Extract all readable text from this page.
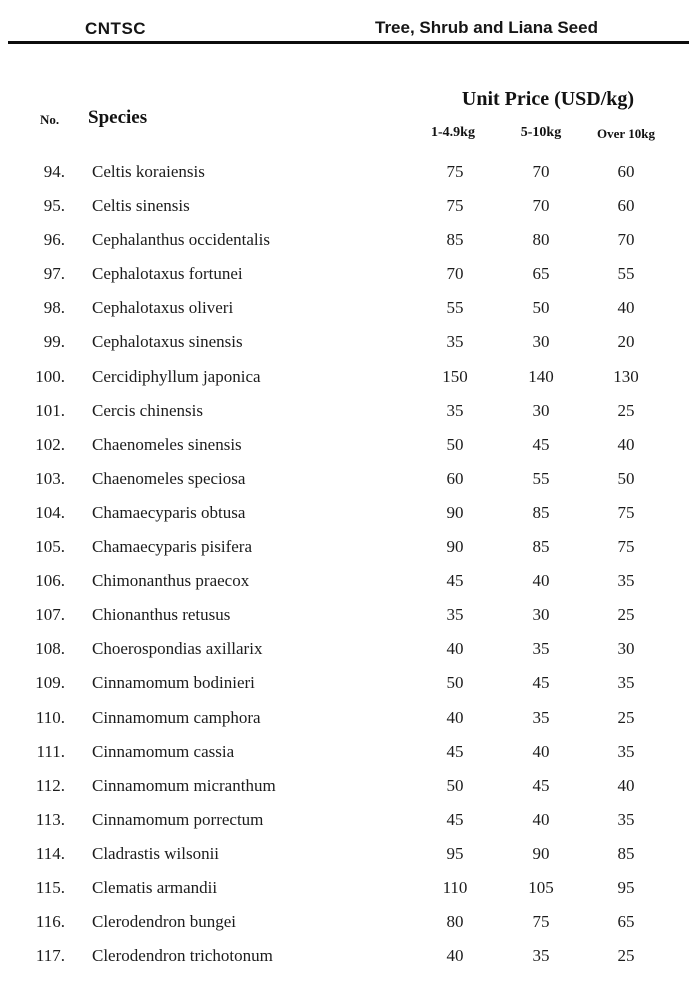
CNTSC	Tree, Shrub and Liana Seed
Unit Price (USD/kg)
No. Species
1-4.9kg	5-10kg	Over 10kg
94. Celtis koraiensis	75	70	60
95. Celtis sinensis	75	70	60
96. Cephalanthus occidentalis	85	80	70
97. Cephalotaxus fortunei	70	65	55
98. Cephalotaxus oliveri	55	50	40
99. Cephalotaxus sinensis	35	30	20
100. Cercidiphyllum japonica	150	140	130
101. Cercis chinensis	35	30	25
102. Chaenomeles sinensis	50	45	40
103. Chaenomeles speciosa	60	55	50
104. Chamaecyparis obtusa	90	85	75
105. Chamaecyparis pisifera	90	85	75
106. Chimonanthus praecox	45	40	35
107. Chionanthus retusus	35	30	25
108. Choerospondias axillarix	40	35	30
109. Cinnamomum bodinieri	50	45	35
110. Cinnamomum camphora	40	35	25
111. Cinnamomum cassia	45	40	35
112. Cinnamomum micranthum	50	45	40
113. Cinnamomum porrectum	45	40	35
114. Cladrastis wilsonii	95	90	85
115. Clematis armandii	110	105	95
116. Clerodendron bungei	80	75	65
117. Clerodendron trichotonum	40	35	25
